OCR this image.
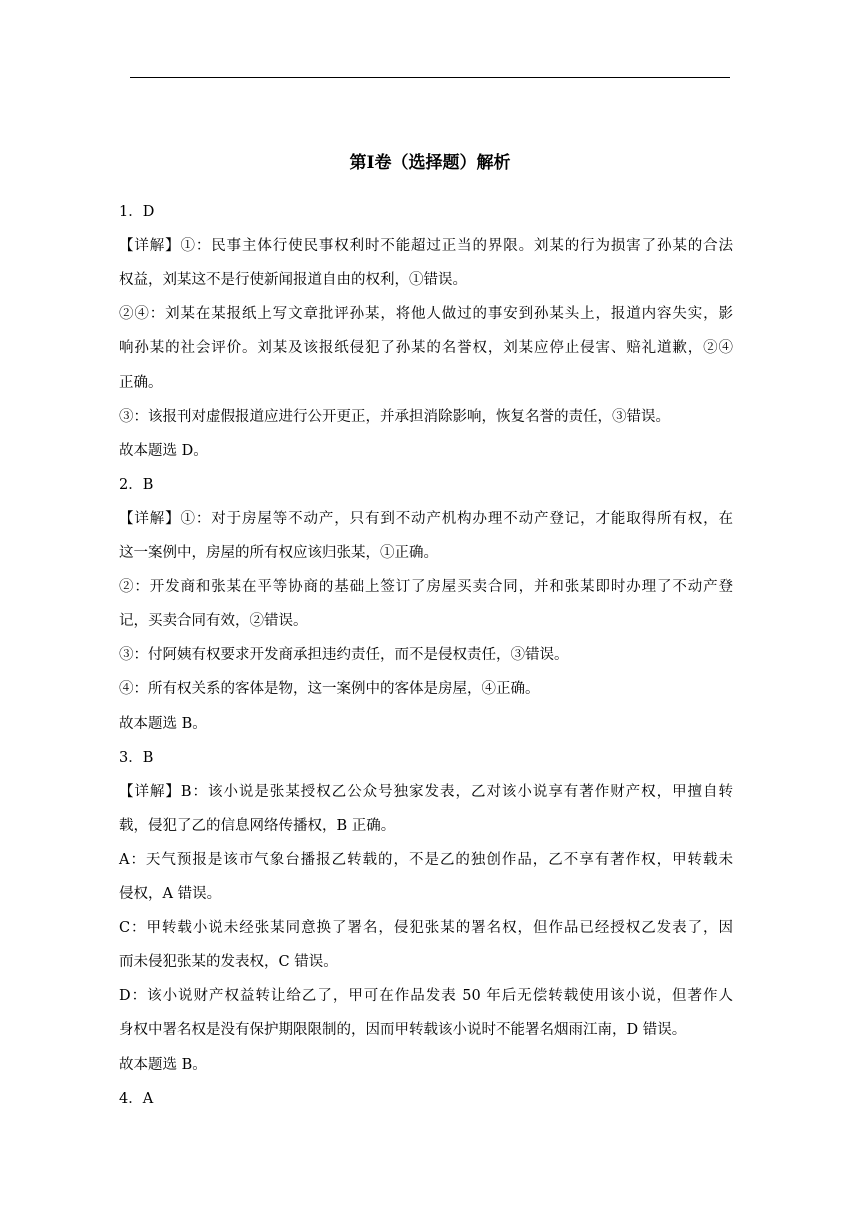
第Ⅰ卷（选择题）解析
1．D
【详解】①：民事主体行使民事权利时不能超过正当的界限。刘某的行为损害了孙某的合法
权益，刘某这不是行使新闻报道自由的权利，①错误。
②④：刘某在某报纸上写文章批评孙某，将他人做过的事安到孙某头上，报道内容失实，影
响孙某的社会评价。刘某及该报纸侵犯了孙某的名誉权，刘某应停止侵害、赔礼道歉，②④
正确。
③：该报刊对虚假报道应进行公开更正，并承担消除影响，恢复名誉的责任，③错误。
故本题选 D。
2．B
【详解】①：对于房屋等不动产，只有到不动产机构办理不动产登记，才能取得所有权，在
这一案例中，房屋的所有权应该归张某，①正确。
②：开发商和张某在平等协商的基础上签订了房屋买卖合同，并和张某即时办理了不动产登
记，买卖合同有效，②错误。
③：付阿姨有权要求开发商承担违约责任，而不是侵权责任，③错误。
④：所有权关系的客体是物，这一案例中的客体是房屋，④正确。
故本题选 B。
3．B
【详解】B：该小说是张某授权乙公众号独家发表，乙对该小说享有著作财产权，甲擅自转
载，侵犯了乙的信息网络传播权，B 正确。
A：天气预报是该市气象台播报乙转载的，不是乙的独创作品，乙不享有著作权，甲转载未
侵权，A 错误。
C：甲转载小说未经张某同意换了署名，侵犯张某的署名权，但作品已经授权乙发表了，因
而未侵犯张某的发表权，C 错误。
D：该小说财产权益转让给乙了，甲可在作品发表 50 年后无偿转载使用该小说，但著作人
身权中署名权是没有保护期限限制的，因而甲转载该小说时不能署名烟雨江南，D 错误。
故本题选 B。
4．A
